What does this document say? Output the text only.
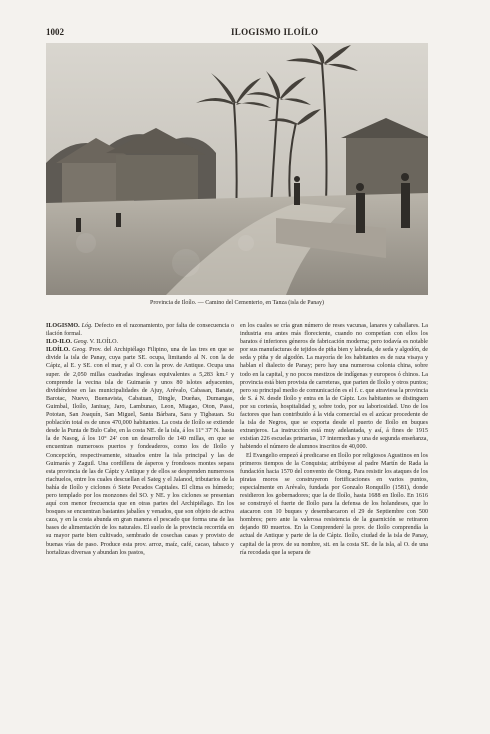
1002	ILOGISMO ILOÍLO
Provincia de Iloílo. — Camino del Cementerio, en Tanza (isla de Panay)

ILOGISMO. Lóg. Defecto en el razonamiento, por falta de consecuencia o ilación formal.

ILO-ILO. Geog. V. ILOÍLO.

ILOÍLO. Geog. Prov. del Archipiélago Filipino, una de las tres en que se divide la isla de Panay, cuya parte SE. ocupa, limitando al N. con la de Cápiz, al E. y SE. con el mar, y al O. con la prov. de Antique. Ocupa una super. de 2,050 millas cuadradas inglesas equivalentes a 5,283 km.² y comprende la vecina isla de Guimarás y unos 80 islotes adyacentes, dividiéndose en las municipalidades de Ajuy, Arévalo, Cabasan, Banate, Barotac, Nuevo, Buenavista, Cabatuan, Dingle, Dueñas, Dumangas, Guimbal, Iloílo, Janiuay, Jaro, Lambunao, Leon, Miagao, Oton, Passi, Pototan, San Joaquín, San Miguel, Santa Bárbara, Sara y Tigbauan. Su población total es de unos 470,000 habitantes. La costa de Iloílo se extiende desde la Punta de Bulo Cabe, en la costa NE. de la isla, á los 11° 37' N. hasta la de Nasog, á los 10° 24' con un desarrollo de 140 millas, en que se encuentran numerosos puertos y fondeaderos, como los de Iloílo y Concepción, respectivamente, situados entre la isla principal y las de Guimarás y Zaguil. Una cordillera de ásperos y frondosos montes separa esta provincia de las de Cápiz y Antique y de ellos se desprenden numerosos riachuelos, entre los cuales descuellan el Sateg y el Jalanod, tributarios de la bahía de Iloílo y ciclones ó Siete Pecados Capitales. El clima es húmedo; pero templado por los monzones del SO. y NE. y los ciclones se presentan aquí con menor frecuencia que en otras partes del Archipiélago. En los bosques se encuentran bastantes jabalíes y venados, que son objeto de activa caza, y en la costa abunda en gran manera el pescado que forma una de las bases de alimentación de los naturales. El suelo de la provincia recorrida en su mayor parte bien cultivado, sembrado de cosechas casas y provisto de buenas vías de paso. Produce esta prov. arroz, maíz, café, cacao, tabaco y hortalizas diversas y abundan los pastos,

en los cuales se cría gran número de reses vacunas, lanares y caballares. La industria era antes más floreciente, cuando no competían con ellos los baratos é inferiores géneros de fabricación moderna; pero todavía es notable por sus manufacturas de tejidos de piña bien y labrada, de seda y algodón, de seda y piña y de algodón. La mayoría de los habitantes es de raza visaya y hablan el dialecto de Panay; pero hay una numerosa colonia china, sobre todo en la capital, y no pocos mestizos de indígenas y europeos ó chinos. La provincia está bien provista de carreteras, que parten de Iloílo y otros puntos; pero su principal medio de comunicación es el f. c. que atraviesa la provincia de S. á N. desde Iloílo y entra en la de Cápiz. Los habitantes se distinguen por su cortesía, hospitalidad y, sobre todo, por su laboriosidad. Uno de los factores que han contribuido á la vida comercial es el azúcar procedente de la isla de Negros, que se exporta desde el puerto de Iloílo en buques extranjeros. La instrucción está muy adelantada, y así, á fines de 1915 existían 226 escuelas primarias, 17 intermedias y una de segunda enseñanza, habiendo el número de alumnos inscritos de 40,000.

El Evangelio empezó á predicarse en Iloílo por religiosos Agustinos en los primeros tiempos de la Conquista; atribúyese al padre Martín de Rada la fundación hacia 1570 del convento de Otong. Para resistir los ataques de los piratas moros se construyeron fortificaciones en varios puntos, especialmente en Arévalo, fundada por Gonzalo Ronquillo (1581), donde residieron los gobernadores; que la de Iloílo, hasta 1688 en Iloílo. En 1616 se construyó el fuerte de Iloílo para la defensa de los holandeses, que lo atacaron con 10 buques y desembarcaron el 29 de Septiembre con 500 hombres; pero ante la valerosa resistencia de la guarnición se retiraron dejando 80 muertos. En la Comprenderé la prov. de Iloílo comprendía la actual de Antique y parte de la de Cápiz. Iloílo, ciudad de la isla de Panay, capital de la prov. de su nombre, sit. en la costa SE. de la isla, al O. de una ría recodada que la separa de
